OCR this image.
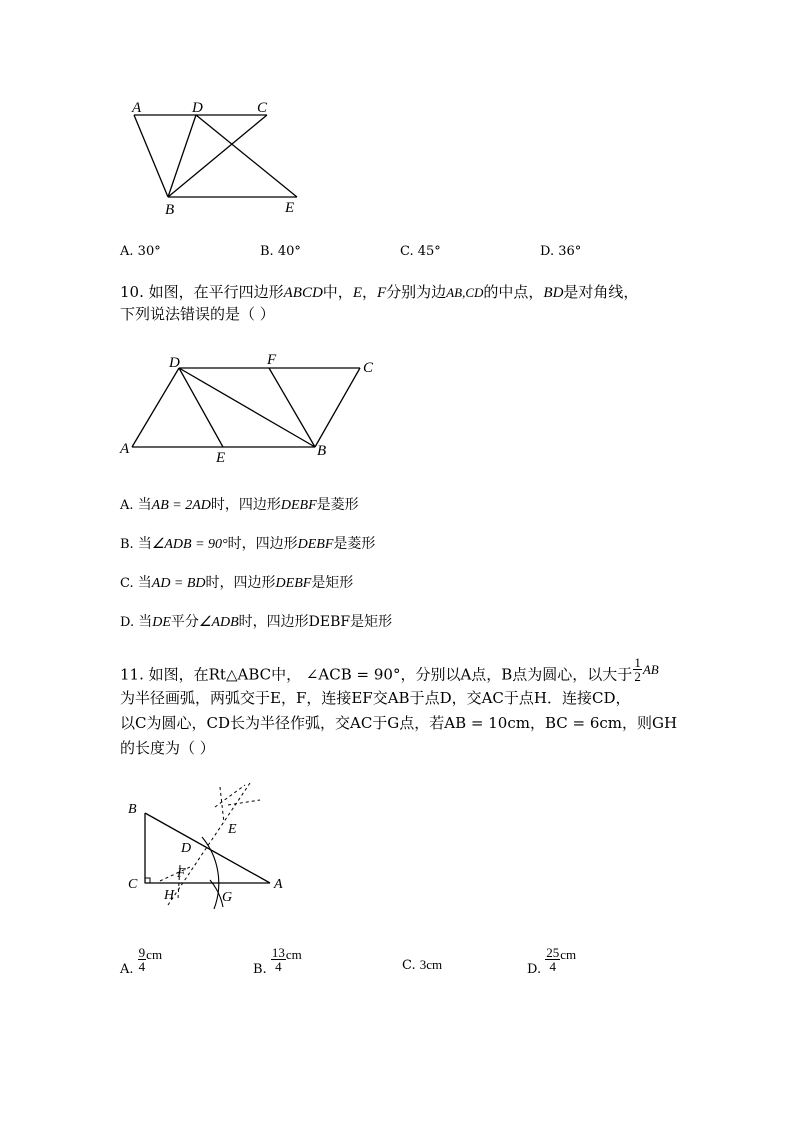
A	D	C
B	E
A. 30°	B. 40°	C. 45°	D. 36°
10. 如图，在平行四边形ABCD中，E，F分别为边AB,CD的中点，BD是对角线，
下列说法错误的是（ ）
D	F	C
A
E	B
A. 当AB = 2AD时，四边形DEBF是菱形
B. 当∠ADB = 90°时，四边形DEBF是菱形
C. 当AD = BD时，四边形DEBF是矩形
D. 当DE平分∠ADB时，四边形DEBF是矩形
11. 如图，在Rt△ABC中， ∠ACB = 90°，分别以A点，B点为圆心，以大于 $\frac{1}{2}$ AB
为半径画弧，两弧交于E，F，连接EF交AB于点D，交AC于点H．连接CD，
以C为圆心，CD长为半径作弧，交AC于G点，若AB = 10cm，BC = 6cm，则GH
的长度为（ ）
B
E
D
F
C
H	G
A
A. $\frac{9}{4}$ cm
B. $\frac{13}{4}$ cm
C. 3cm	D. $\frac{25}{4}$ cm
